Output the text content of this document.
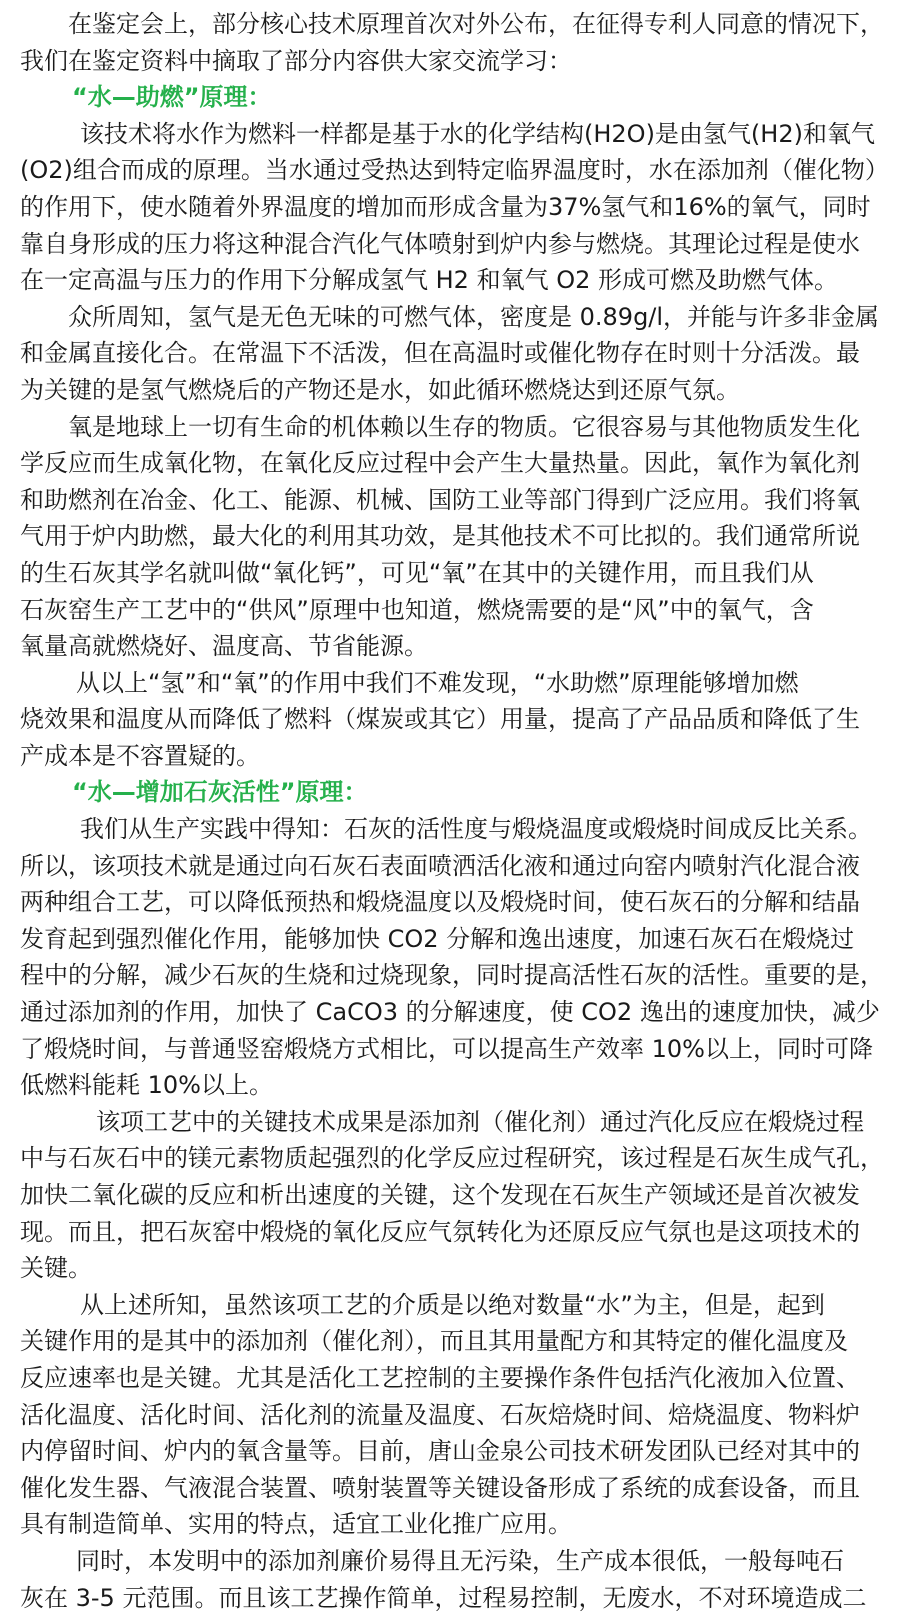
在鉴定会上，部分核心技术原理首次对外公布，在征得专利人同意的情况下，
我们在鉴定资料中摘取了部分内容供大家交流学习：
“水—助燃”原理：
该技术将水作为燃料一样都是基于水的化学结构(H2O)是由氢气(H2)和氧气
(O2)组合而成的原理。当水通过受热达到特定临界温度时，水在添加剂（催化物）
的作用下，使水随着外界温度的增加而形成含量为37%氢气和16%的氧气，同时
靠自身形成的压力将这种混合汽化气体喷射到炉内参与燃烧。其理论过程是使水
在一定高温与压力的作用下分解成氢气 H2 和氧气 O2 形成可燃及助燃气体。
众所周知，氢气是无色无味的可燃气体，密度是 0.89g/l，并能与许多非金属
和金属直接化合。在常温下不活泼，但在高温时或催化物存在时则十分活泼。最
为关键的是氢气燃烧后的产物还是水，如此循环燃烧达到还原气氛。
氧是地球上一切有生命的机体赖以生存的物质。它很容易与其他物质发生化
学反应而生成氧化物，在氧化反应过程中会产生大量热量。因此，氧作为氧化剂
和助燃剂在冶金、化工、能源、机械、国防工业等部门得到广泛应用。我们将氧
气用于炉内助燃，最大化的利用其功效，是其他技术不可比拟的。我们通常所说
的生石灰其学名就叫做“氧化钙”，可见“氧”在其中的关键作用，而且我们从
石灰窑生产工艺中的“供风”原理中也知道，燃烧需要的是“风”中的氧气，含
氧量高就燃烧好、温度高、节省能源。
从以上“氢”和“氧”的作用中我们不难发现，“水助燃”原理能够增加燃
烧效果和温度从而降低了燃料（煤炭或其它）用量，提高了产品品质和降低了生
产成本是不容置疑的。
“水—增加石灰活性”原理：
我们从生产实践中得知：石灰的活性度与煅烧温度或煅烧时间成反比关系。
所以，该项技术就是通过向石灰石表面喷洒活化液和通过向窑内喷射汽化混合液
两种组合工艺，可以降低预热和煅烧温度以及煅烧时间，使石灰石的分解和结晶
发育起到强烈催化作用，能够加快 CO2 分解和逸出速度，加速石灰石在煅烧过
程中的分解，减少石灰的生烧和过烧现象，同时提高活性石灰的活性。重要的是，
通过添加剂的作用，加快了 CaCO3 的分解速度，使 CO2 逸出的速度加快，减少
了煅烧时间，与普通竖窑煅烧方式相比，可以提高生产效率 10%以上，同时可降
低燃料能耗 10%以上。
该项工艺中的关键技术成果是添加剂（催化剂）通过汽化反应在煅烧过程
中与石灰石中的镁元素物质起强烈的化学反应过程研究，该过程是石灰生成气孔，
加快二氧化碳的反应和析出速度的关键，这个发现在石灰生产领域还是首次被发
现。而且，把石灰窑中煅烧的氧化反应气氛转化为还原反应气氛也是这项技术的
关键。
从上述所知，虽然该项工艺的介质是以绝对数量“水”为主，但是，起到
关键作用的是其中的添加剂（催化剂），而且其用量配方和其特定的催化温度及
反应速率也是关键。尤其是活化工艺控制的主要操作条件包括汽化液加入位置、
活化温度、活化时间、活化剂的流量及温度、石灰焙烧时间、焙烧温度、物料炉
内停留时间、炉内的氧含量等。目前，唐山金泉公司技术研发团队已经对其中的
催化发生器、气液混合装置、喷射装置等关键设备形成了系统的成套设备，而且
具有制造简单、实用的特点，适宜工业化推广应用。
同时，本发明中的添加剂廉价易得且无污染，生产成本很低，一般每吨石
灰在 3-5 元范围。而且该工艺操作简单，过程易控制，无废水，不对环境造成二
